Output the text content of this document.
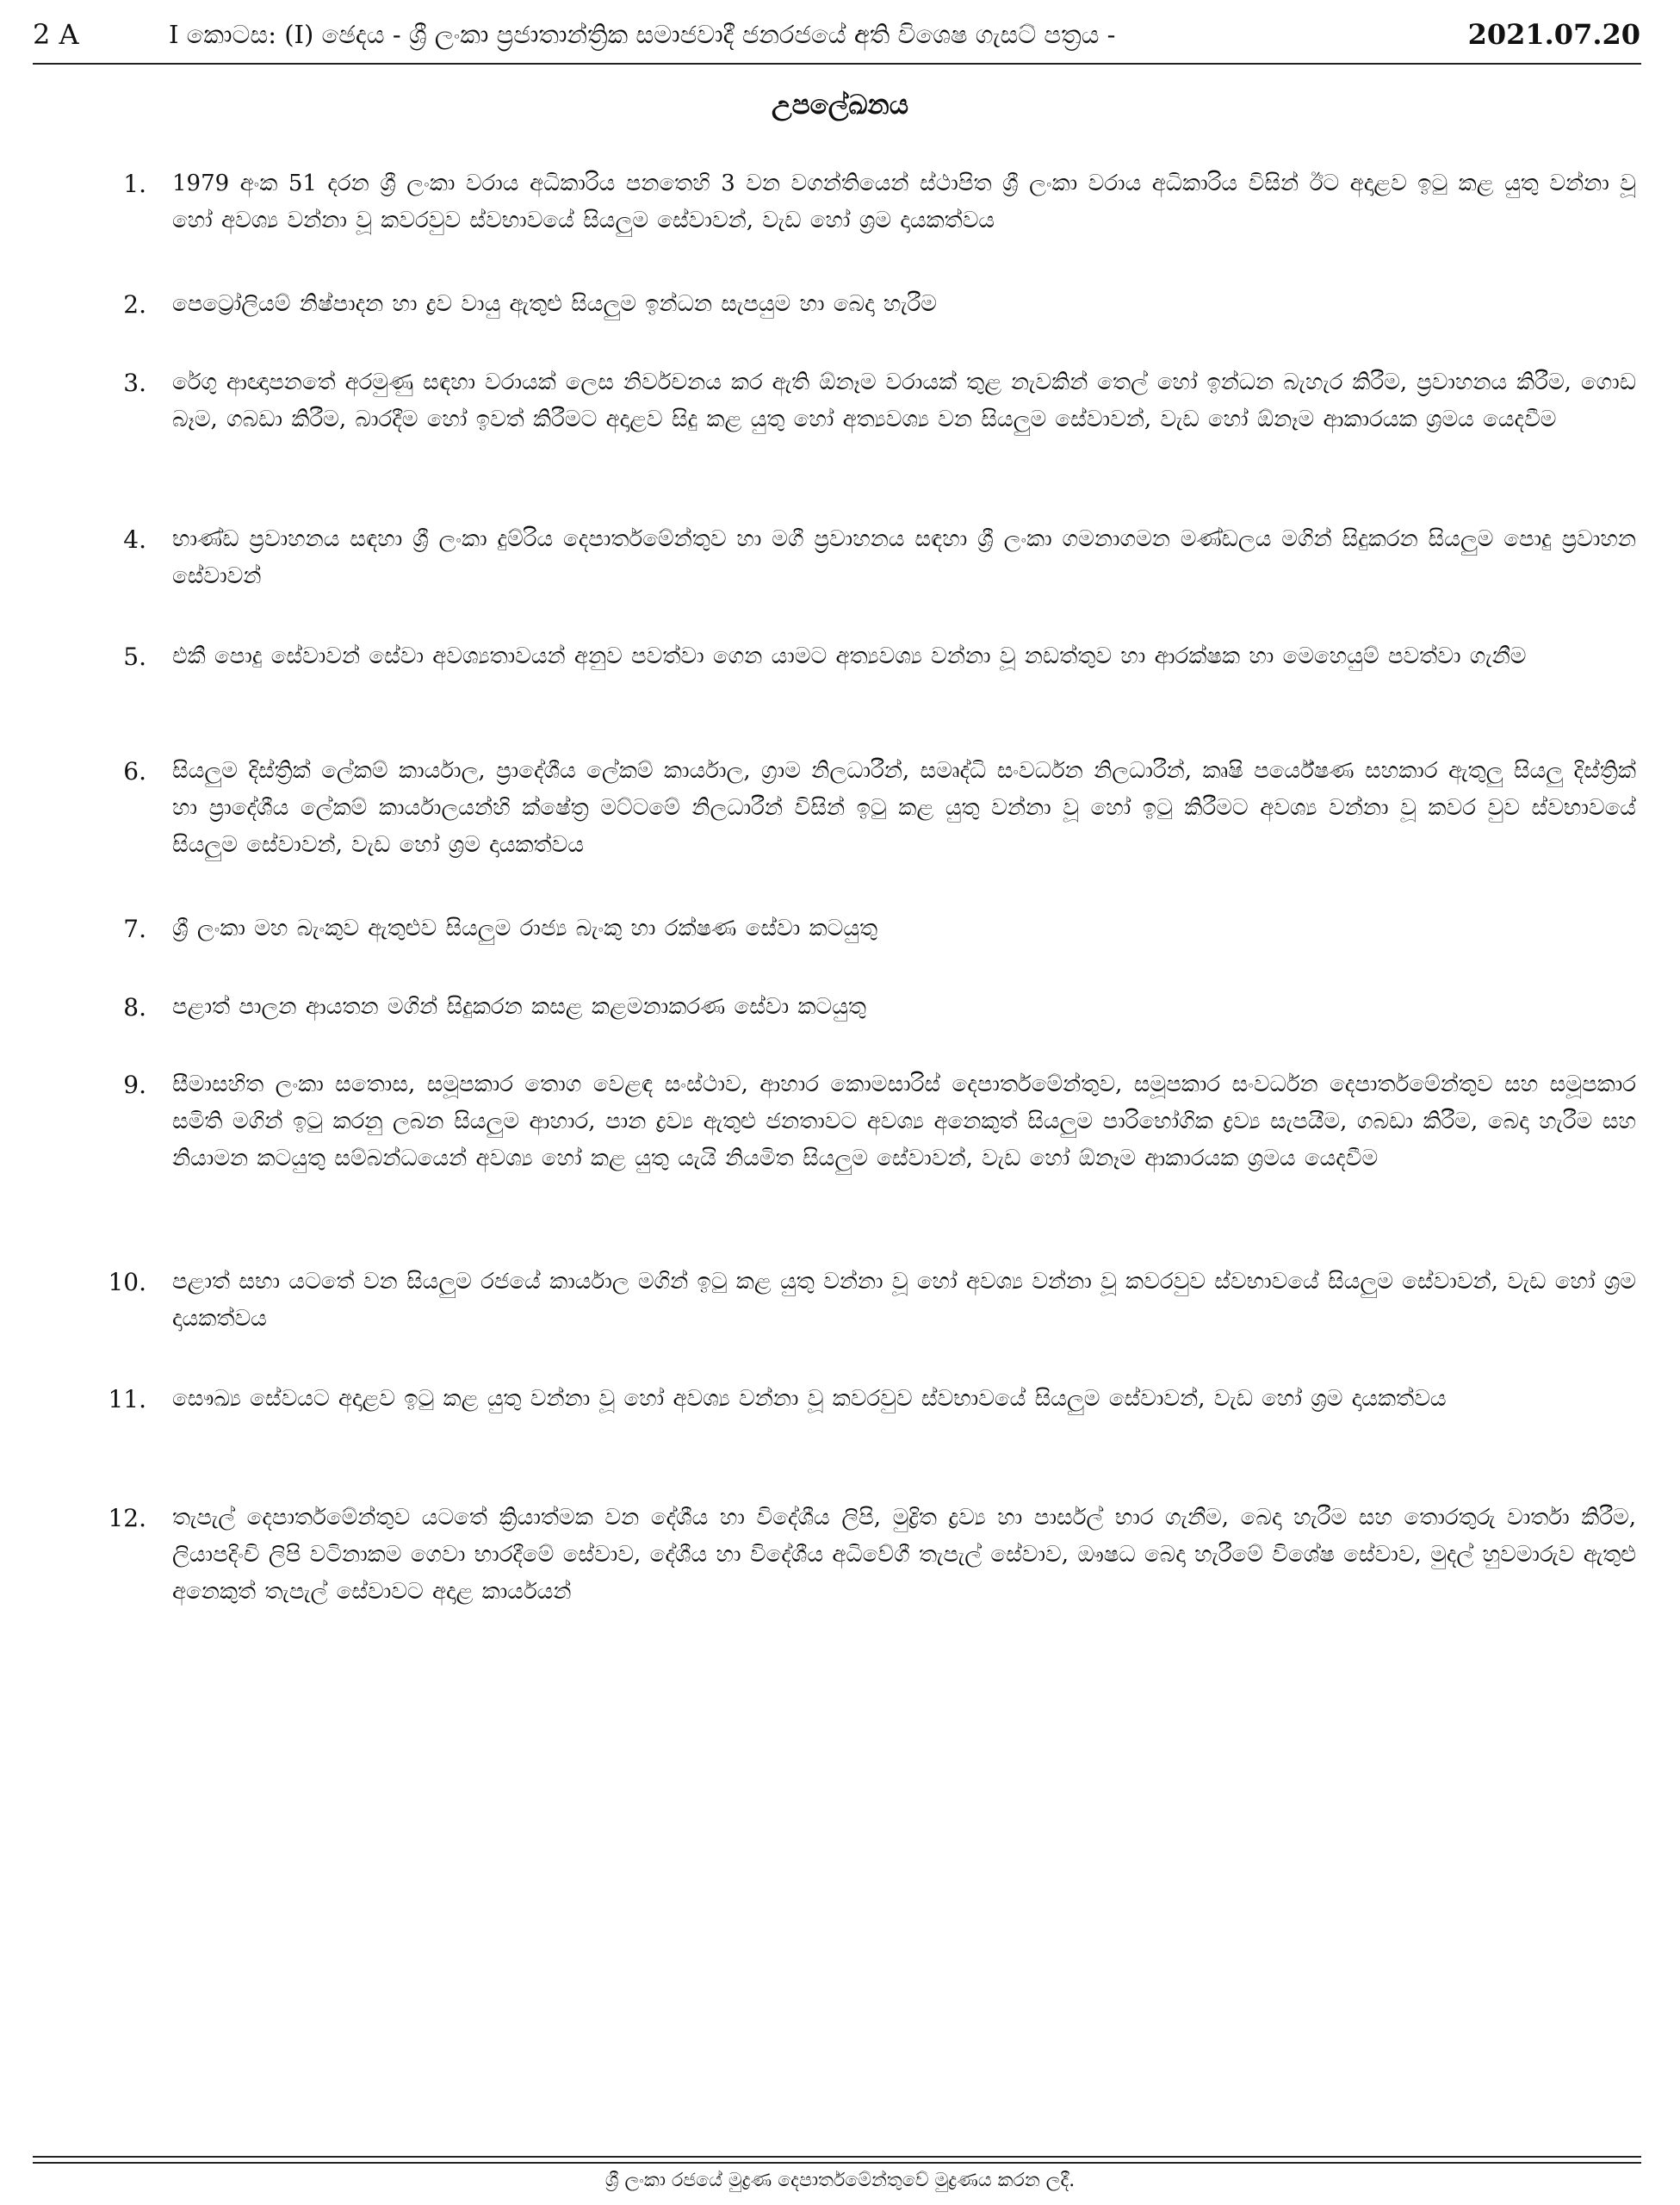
2 A	I කොටස: (I) ඡෙදය - ශ්‍රී ලංකා ප්‍රජාතාන්ත්‍රික සමාජවාදී ජනරජයේ අති විශෙෂ ගැසට් පත්‍රය -	2021.07.20
උපලේඛනය
1.	1979 අංක 51 දරන ශ්‍රී ලංකා වරාය අධිකාරිය පනතෙහි 3 වන වගන්තියෙන් ස්ථාපිත ශ්‍රී ලංකා වරාය අධිකාරිය විසින් ඊට අදාළව ඉටු කළ යුතු වන්නා වූ හෝ අවශ්‍ය වන්නා වූ කවරවුව ස්වභාවයේ සියලුම සේවාවන්, වැඩ හෝ ශ්‍රම දායකත්වය
2.	පෙට්‍රෝලියම් නිෂ්පාදන හා ද්‍රව වායු ඇතුළු සියලුම ඉන්ධන සැපයුම හා බෙදා හැරීම
3.	රේගු ආඥාපනතේ අරමුණු සඳහා වරායක් ලෙස නිර්වචනය කර ඇති ඕනෑම වරායක් තුළ නැවකින් තෙල් හෝ ඉන්ධන බැහැර කිරීම, ප්‍රවාහනය කිරීම, ගොඩ බෑම, ගබඩා කිරීම, බාරදීම හෝ ඉවත් කිරීමට අදාළව සිදු කළ යුතු හෝ අත්‍යවශ්‍ය වන සියලුම සේවාවන්, වැඩ හෝ ඕනෑම ආකාරයක ශ්‍රමය යෙදවීම
4.	භාණ්ඩ ප්‍රවාහනය සඳහා ශ්‍රී ලංකා දුම්රිය දෙපාර්තමේන්තුව හා මගී ප්‍රවාහනය සඳහා ශ්‍රී ලංකා ගමනාගමන මණ්ඩලය මගින් සිදුකරන සියලුම පොදු ප්‍රවාහන සේවාවන්
5.	එකී පොදු සේවාවන් සේවා අවශ්‍යතාවයන් අනුව පවත්වා ගෙන යාමට අත්‍යවශ්‍ය වන්නා වූ නඩත්තුව හා ආරක්ෂක හා මෙහෙයුම් පවත්වා ගැනීම
6.	සියලුම දිස්ත්‍රික් ලේකම් කාර්යාල, ප්‍රාදේශීය ලේකම් කාර්යාල, ග්‍රාම නිලධාරීන්, සමෘද්ධි සංවර්ධන නිලධාරීන්, කෘෂි පර්යේෂණ සහකාර ඇතුලු සියලු දිස්ත්‍රික් හා ප්‍රාදේශීය ලේකම් කාර්යාලයන්හි ක්ෂේත්‍ර මට්ටමේ නිලධාරීන් විසින් ඉටු කළ යුතු වන්නා වූ හෝ ඉටු කිරීමට අවශ්‍ය වන්නා වූ කවර වුව ස්වභාවයේ සියලුම සේවාවන්, වැඩ හෝ ශ්‍රම දායකත්වය
7.	ශ්‍රී ලංකා මහ බැංකුව ඇතුළුව සියලුම රාජ්‍ය බැංකු හා රක්ෂණ සේවා කටයුතු
8.	පළාත් පාලන ආයතන මගින් සිදුකරන කසළ කළමනාකරණ සේවා කටයුතු
9.	සීමාසහිත ලංකා සතොස, සමූපකාර තොග වෙළඳ සංස්ථාව, ආහාර කොමසාරිස් දෙපාර්තමේන්තුව, සමූපකාර සංවර්ධන දෙපාර්තමේන්තුව සහ සමූපකාර සමිති මගින් ඉටු කරනු ලබන සියලුම ආහාර, පාන ද්‍රව්‍ය ඇතුළු ජනතාවට අවශ්‍ය අනෙකුත් සියලුම පාරිභෝගික ද්‍රව්‍ය සැපයීම, ගබඩා කිරීම, බෙදා හැරීම සහ නියාමන කටයුතු සම්බන්ධයෙන් අවශ්‍ය හෝ කළ යුතු යැයි නියමිත සියලුම සේවාවන්, වැඩ හෝ ඕනෑම ආකාරයක ශ්‍රමය යෙදවීම
10.	පළාත් සභා යටතේ වන සියලුම රජයේ කාර්යාල මගින් ඉටු කළ යුතු වන්නා වූ හෝ අවශ්‍ය වන්නා වූ කවරවුව ස්වභාවයේ සියලුම සේවාවන්, වැඩ හෝ ශ්‍රම දායකත්වය
11.	සෞඛ්‍ය සේවයට අදාළව ඉටු කළ යුතු වන්නා වූ හෝ අවශ්‍ය වන්නා වූ කවරවුව ස්වභාවයේ සියලුම සේවාවන්, වැඩ හෝ ශ්‍රම දායකත්වය
12.	තැපැල් දෙපාර්තමේන්තුව යටතේ ක්‍රියාත්මක වන දේශීය හා විදේශීය ලිපි, මුද්‍රිත ද්‍රව්‍ය හා පාර්සල් භාර ගැනීම, බෙදා හැරීම සහ තොරතුරු වාර්තා කිරීම, ලියාපදිංචි ලිපි වටිනාකම ගෙවා භාරදීමේ සේවාව, දේශීය හා විදේශීය අධිවේගී තැපැල් සේවාව, ඖෂධ බෙදා හැරීමේ විශේෂ සේවාව, මුදල් හුවමාරුව ඇතුළු අනෙකුත් තැපැල් සේවාවට අදාළ කාර්යයන්
ශ්‍රී ලංකා රජයේ මුද්‍රණ දෙපාර්තමේන්තුවේ මුද්‍රණය කරන ලදී.
